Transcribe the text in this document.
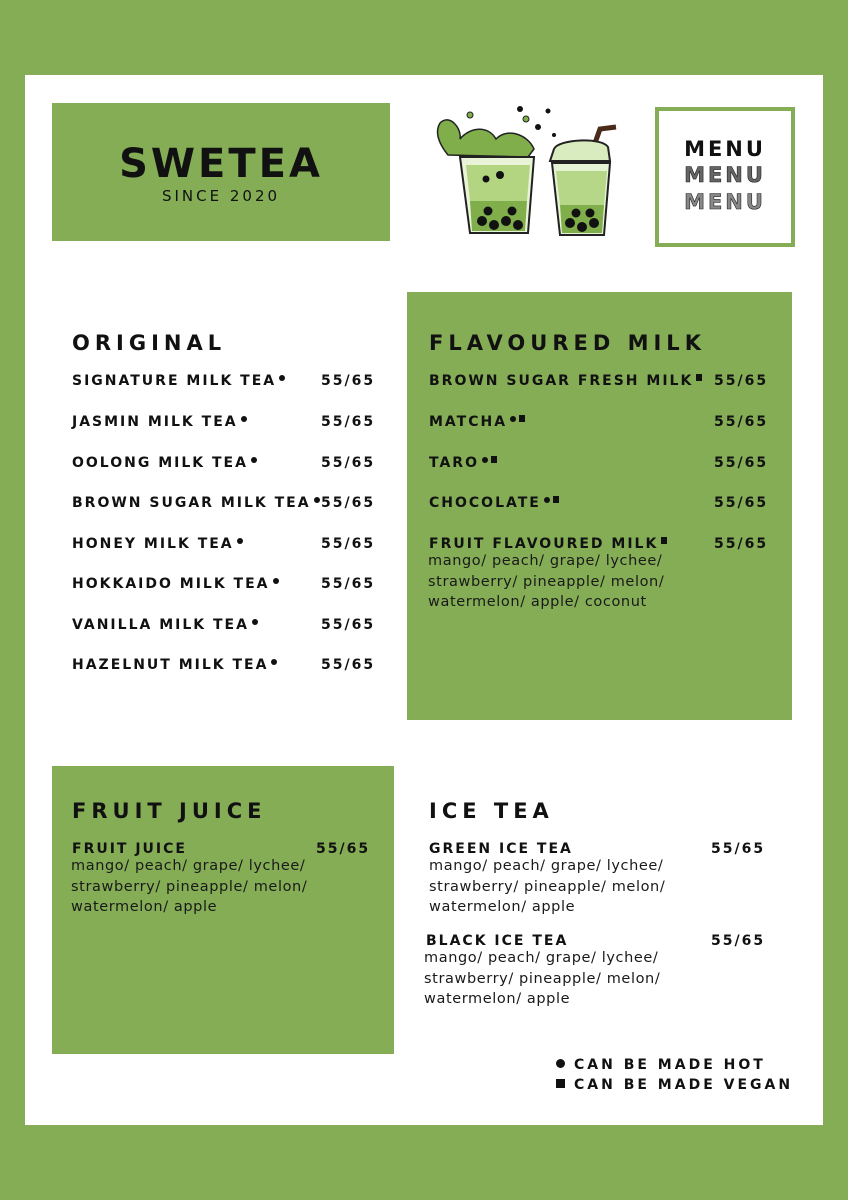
SWETEA
SINCE 2020
MENU
MENU
MENU
ORIGINAL
SIGNATURE MILK TEA	55/65
JASMIN MILK TEA	55/65
OOLONG MILK TEA	55/65
BROWN SUGAR MILK TEA 55/65
HONEY MILK TEA	55/65
HOKKAIDO MILK TEA	55/65
VANILLA MILK TEA	55/65
HAZELNUT MILK TEA	55/65
FLAVOURED MILK
BROWN SUGAR FRESH MILK	55/65
MATCHA	55/65
TARO	55/65
CHOCOLATE	55/65
FRUIT FLAVOURED MILK	55/65
mango/ peach/ grape/ lychee/
strawberry/ pineapple/ melon/
watermelon/ apple/ coconut
FRUIT JUICE
FRUIT JUICE	55/65
mango/ peach/ grape/ lychee/
strawberry/ pineapple/ melon/
watermelon/ apple
ICE TEA
GREEN ICE TEA	55/65
mango/ peach/ grape/ lychee/
strawberry/ pineapple/ melon/
watermelon/ apple
BLACK ICE TEA	55/65
mango/ peach/ grape/ lychee/
strawberry/ pineapple/ melon/
watermelon/ apple
CAN BE MADE HOT
CAN BE MADE VEGAN
